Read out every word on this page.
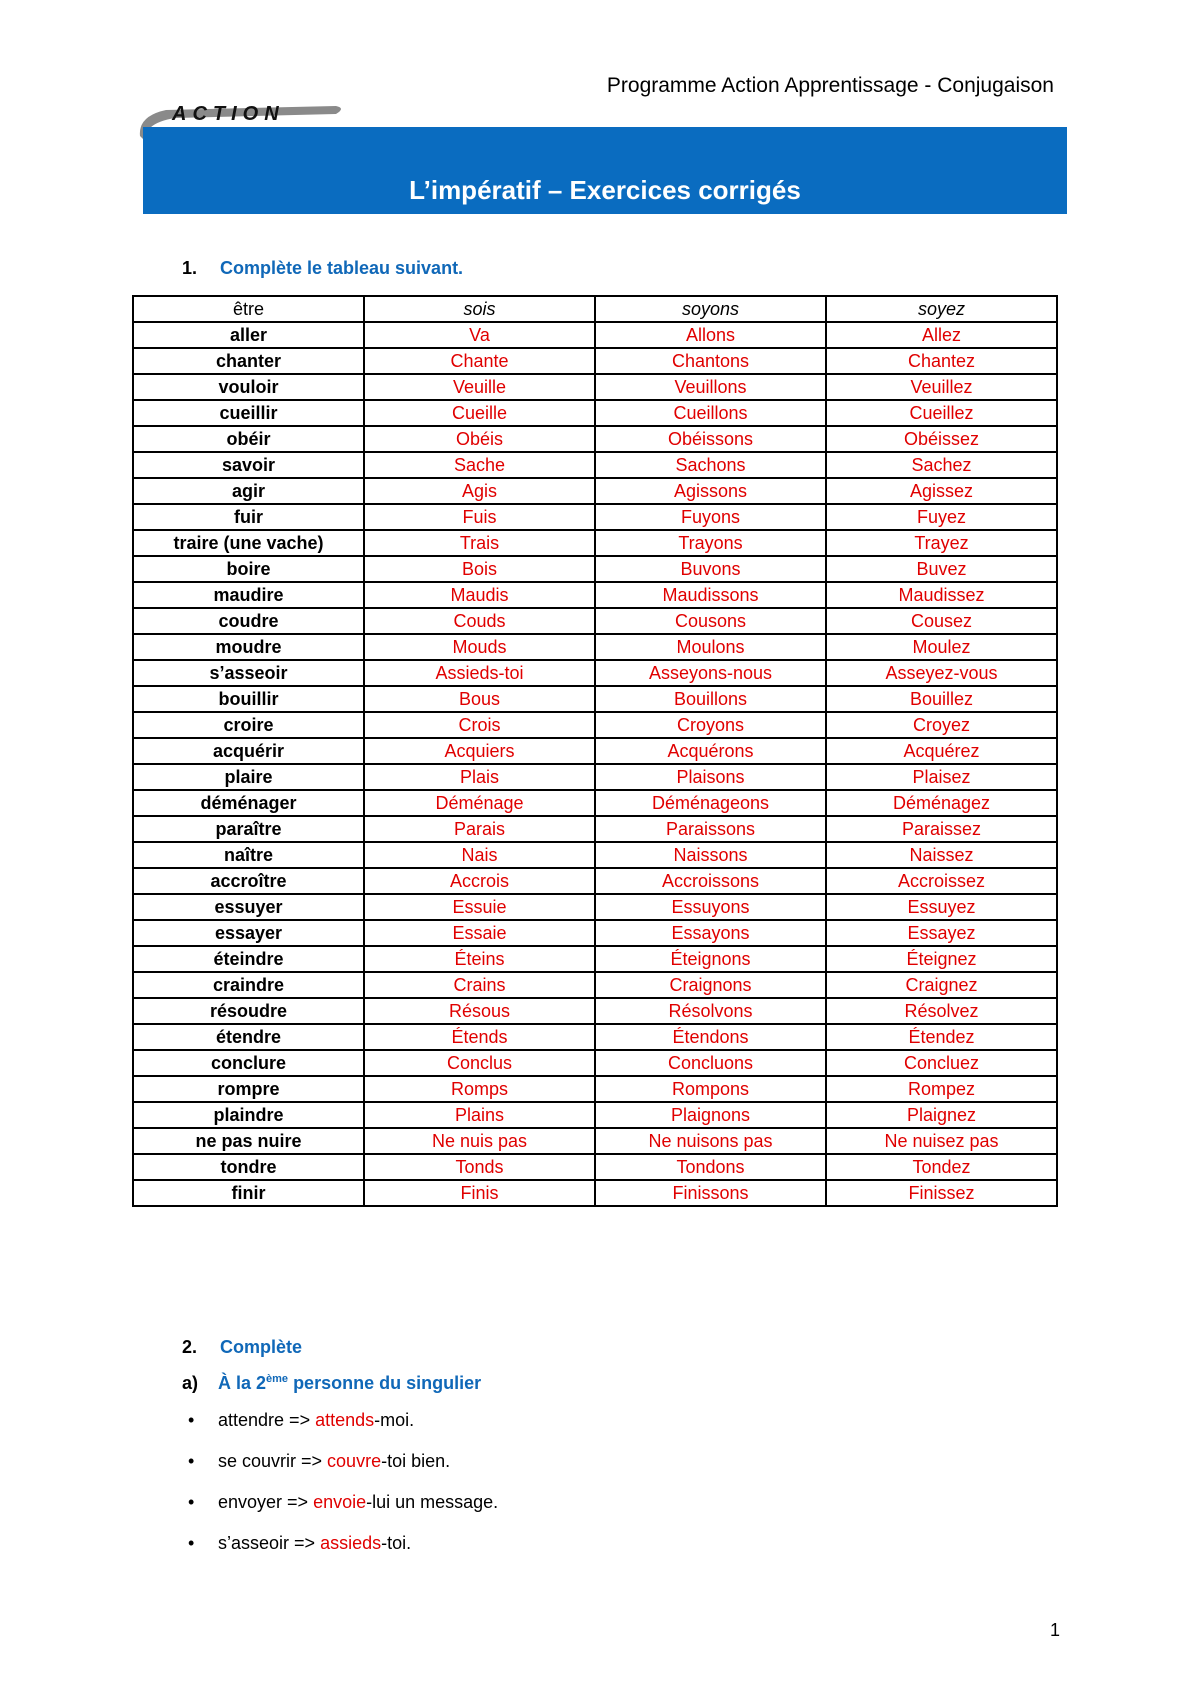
Programme Action Apprentissage - Conjugaison
ACTION
L’impératif – Exercices corrigés
1. Complète le tableau suivant.
être	sois	soyons	soyez
aller	Va	Allons	Allez
chanter	Chante	Chantons	Chantez
vouloir	Veuille	Veuillons	Veuillez
cueillir	Cueille	Cueillons	Cueillez
obéir	Obéis	Obéissons	Obéissez
savoir	Sache	Sachons	Sachez
agir	Agis	Agissons	Agissez
fuir	Fuis	Fuyons	Fuyez
traire (une vache)	Trais	Trayons	Trayez
boire	Bois	Buvons	Buvez
maudire	Maudis	Maudissons	Maudissez
coudre	Couds	Cousons	Cousez
moudre	Mouds	Moulons	Moulez
s’asseoir	Assieds-toi	Asseyons-nous	Asseyez-vous
bouillir	Bous	Bouillons	Bouillez
croire	Crois	Croyons	Croyez
acquérir	Acquiers	Acquérons	Acquérez
plaire	Plais	Plaisons	Plaisez
déménager	Déménage	Déménageons	Déménagez
paraître	Parais	Paraissons	Paraissez
naître	Nais	Naissons	Naissez
accroître	Accrois	Accroissons	Accroissez
essuyer	Essuie	Essuyons	Essuyez
essayer	Essaie	Essayons	Essayez
éteindre	Éteins	Éteignons	Éteignez
craindre	Crains	Craignons	Craignez
résoudre	Résous	Résolvons	Résolvez
étendre	Étends	Étendons	Étendez
conclure	Conclus	Concluons	Concluez
rompre	Romps	Rompons	Rompez
plaindre	Plains	Plaignons	Plaignez
ne pas nuire	Ne nuis pas	Ne nuisons pas	Ne nuisez pas
tondre	Tonds	Tondons	Tondez
finir	Finis	Finissons	Finissez
2. Complète
a) À la 2ème personne du singulier
• attendre => attends-moi.
• se couvrir => couvre-toi bien.
• envoyer => envoie-lui un message.
• s’asseoir => assieds-toi.
1
